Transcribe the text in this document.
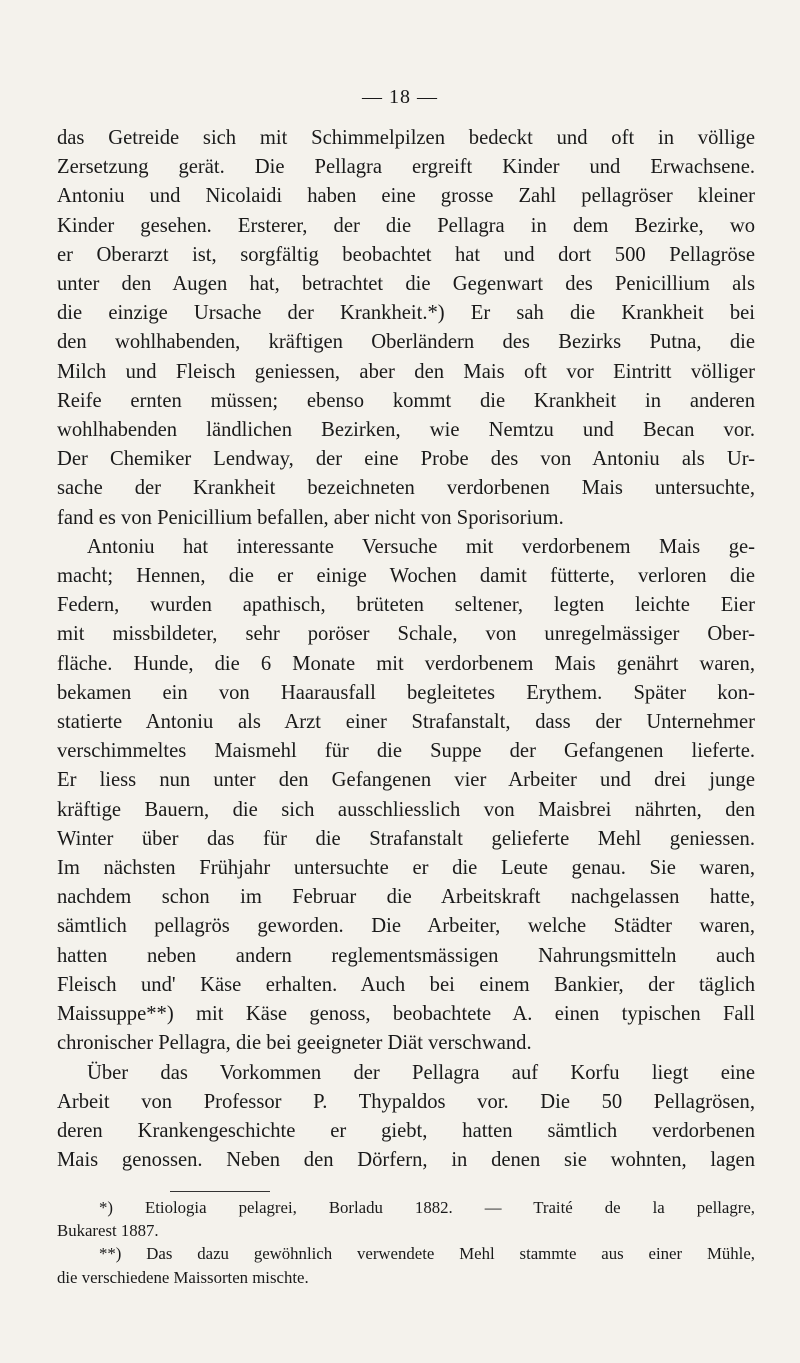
— 18 —

das Getreide sich mit Schimmelpilzen bedeckt und oft in völlige
Zersetzung gerät. Die Pellagra ergreift Kinder und Erwachsene.
Antoniu und Nicolaidi haben eine grosse Zahl pellagröser kleiner
Kinder gesehen. Ersterer, der die Pellagra in dem Bezirke, wo
er Oberarzt ist, sorgfältig beobachtet hat und dort 500 Pellagröse
unter den Augen hat, betrachtet die Gegenwart des Penicillium als
die einzige Ursache der Krankheit.*) Er sah die Krankheit bei
den wohlhabenden, kräftigen Oberländern des Bezirks Putna, die
Milch und Fleisch geniessen, aber den Mais oft vor Eintritt völliger
Reife ernten müssen; ebenso kommt die Krankheit in anderen
wohlhabenden ländlichen Bezirken, wie Nemtzu und Becan vor.
Der Chemiker Lendway, der eine Probe des von Antoniu als Ur-
sache der Krankheit bezeichneten verdorbenen Mais untersuchte,
fand es von Penicillium befallen, aber nicht von Sporisorium.

Antoniu hat interessante Versuche mit verdorbenem Mais ge-
macht; Hennen, die er einige Wochen damit fütterte, verloren die
Federn, wurden apathisch, brüteten seltener, legten leichte Eier
mit missbildeter, sehr poröser Schale, von unregelmässiger Ober-
fläche. Hunde, die 6 Monate mit verdorbenem Mais genährt waren,
bekamen ein von Haarausfall begleitetes Erythem. Später kon-
statierte Antoniu als Arzt einer Strafanstalt, dass der Unternehmer
verschimmeltes Maismehl für die Suppe der Gefangenen lieferte.
Er liess nun unter den Gefangenen vier Arbeiter und drei junge
kräftige Bauern, die sich ausschliesslich von Maisbrei nährten, den
Winter über das für die Strafanstalt gelieferte Mehl geniessen.
Im nächsten Frühjahr untersuchte er die Leute genau. Sie waren,
nachdem schon im Februar die Arbeitskraft nachgelassen hatte,
sämtlich pellagrös geworden. Die Arbeiter, welche Städter waren,
hatten neben andern reglementsmässigen Nahrungsmitteln auch
Fleisch und' Käse erhalten. Auch bei einem Bankier, der täglich
Maissuppe**) mit Käse genoss, beobachtete A. einen typischen Fall
chronischer Pellagra, die bei geeigneter Diät verschwand.

Über das Vorkommen der Pellagra auf Korfu liegt eine
Arbeit von Professor P. Thypaldos vor. Die 50 Pellagrösen,
deren Krankengeschichte er giebt, hatten sämtlich verdorbenen
Mais genossen. Neben den Dörfern, in denen sie wohnten, lagen

*) Etiologia pelagrei, Borladu 1882. — Traité de la pellagre,
Bukarest 1887.

**) Das dazu gewöhnlich verwendete Mehl stammte aus einer Mühle,
die verschiedene Maissorten mischte.
